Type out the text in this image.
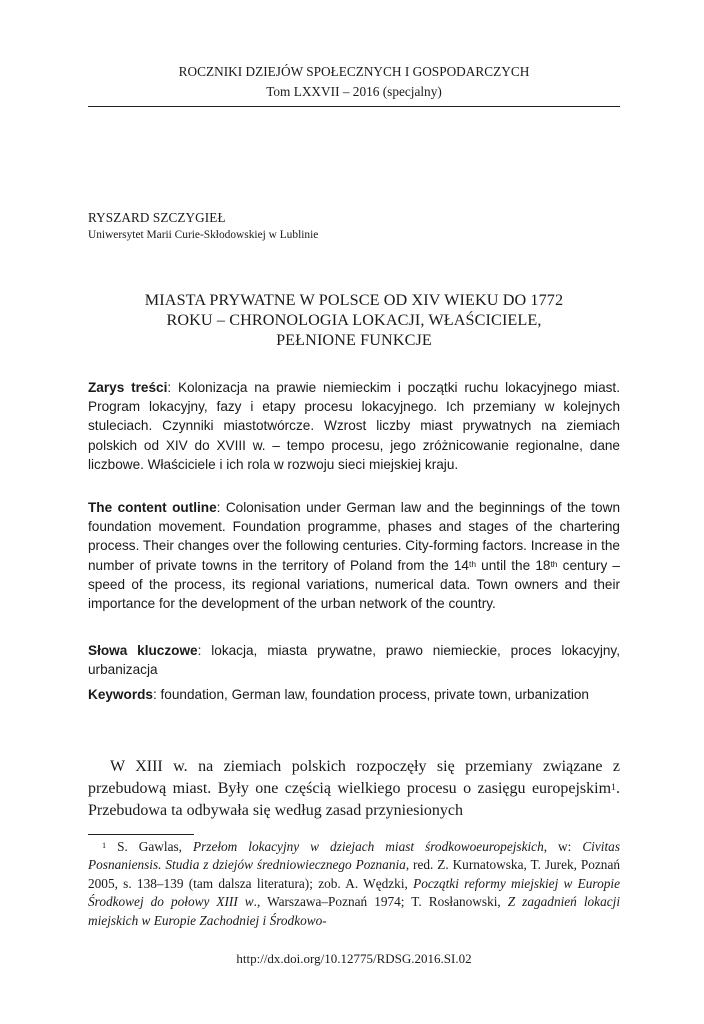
ROCZNIKI DZIEJÓW SPOŁECZNYCH I GOSPODARCZYCH
Tom LXXVII – 2016 (specjalny)
RYSZARD SZCZYGIEŁ
Uniwersytet Marii Curie-Skłodowskiej w Lublinie
MIASTA PRYWATNE W POLSCE OD XIV WIEKU DO 1772
ROKU – CHRONOLOGIA LOKACJI, WŁAŚCICIELE,
PEŁNIONE FUNKCJE
Zarys treści: Kolonizacja na prawie niemieckim i początki ruchu lokacyjnego miast. Program lokacyjny, fazy i etapy procesu lokacyjnego. Ich przemiany w kolejnych stuleciach. Czynniki miastotwórcze. Wzrost liczby miast prywatnych na ziemiach polskich od XIV do XVIII w. – tempo procesu, jego zróżnicowanie regionalne, dane liczbowe. Właściciele i ich rola w rozwoju sieci miejskiej kraju.
The content outline: Colonisation under German law and the beginnings of the town foundation movement. Foundation programme, phases and stages of the chartering process. Their changes over the following centuries. City-forming factors. Increase in the number of private towns in the territory of Poland from the 14th until the 18th century – speed of the process, its regional variations, numerical data. Town owners and their importance for the development of the urban network of the country.
Słowa kluczowe: lokacja, miasta prywatne, prawo niemieckie, proces lokacyjny, urbanizacja
Keywords: foundation, German law, foundation process, private town, urbanization
W XIII w. na ziemiach polskich rozpoczęły się przemiany związane z przebudową miast. Były one częścią wielkiego procesu o zasięgu europejskim$^1$. Przebudowa ta odbywała się według zasad przyniesionych
$^1$ S. Gawlas, Przełom lokacyjny w dziejach miast środkowoeuropejskich, w: Civitas Posnaniensis. Studia z dziejów średniowiecznego Poznania, red. Z. Kurnatowska, T. Jurek, Poznań 2005, s. 138–139 (tam dalsza literatura); zob. A. Wędzki, Początki reformy miejskiej w Europie Środkowej do połowy XIII w., Warszawa–Poznań 1974; T. Rosłanowski, Z zagadnień lokacji miejskich w Europie Zachodniej i Środkowo-
http://dx.doi.org/10.12775/RDSG.2016.SI.02
